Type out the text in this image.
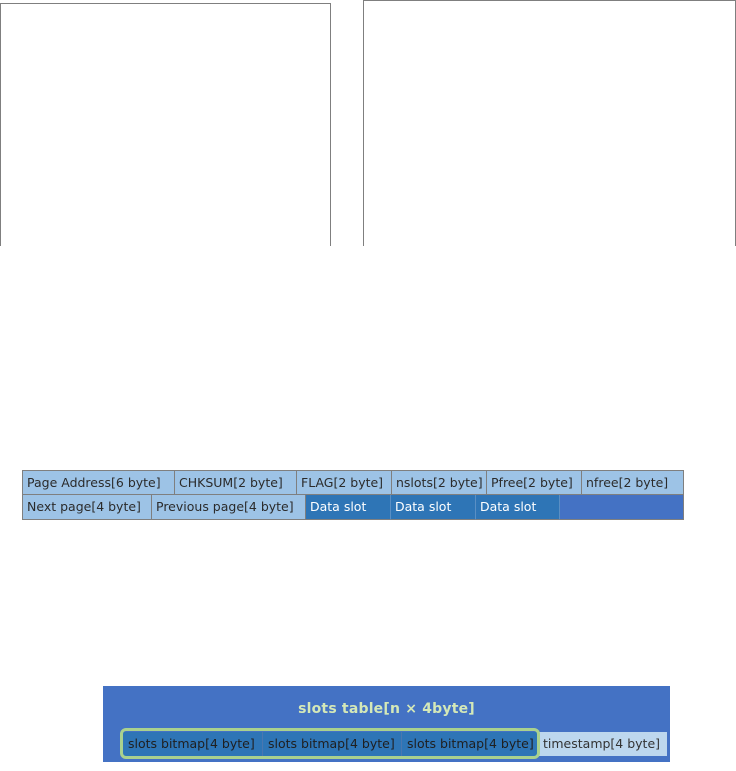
Page Address[6 byte]	CHKSUM[2 byte]	FLAG[2 byte]	nslots[2 byte] Pfree[2 byte]	nfree[2 byte]
Next page[4 byte]	Previous page[4 byte]	Data slot	Data slot	Data slot
slots table[n × 4byte]
slots bitmap[4 byte]	slots bitmap[4 byte] slots bitmap[4 byte] timestamp[4 byte]
